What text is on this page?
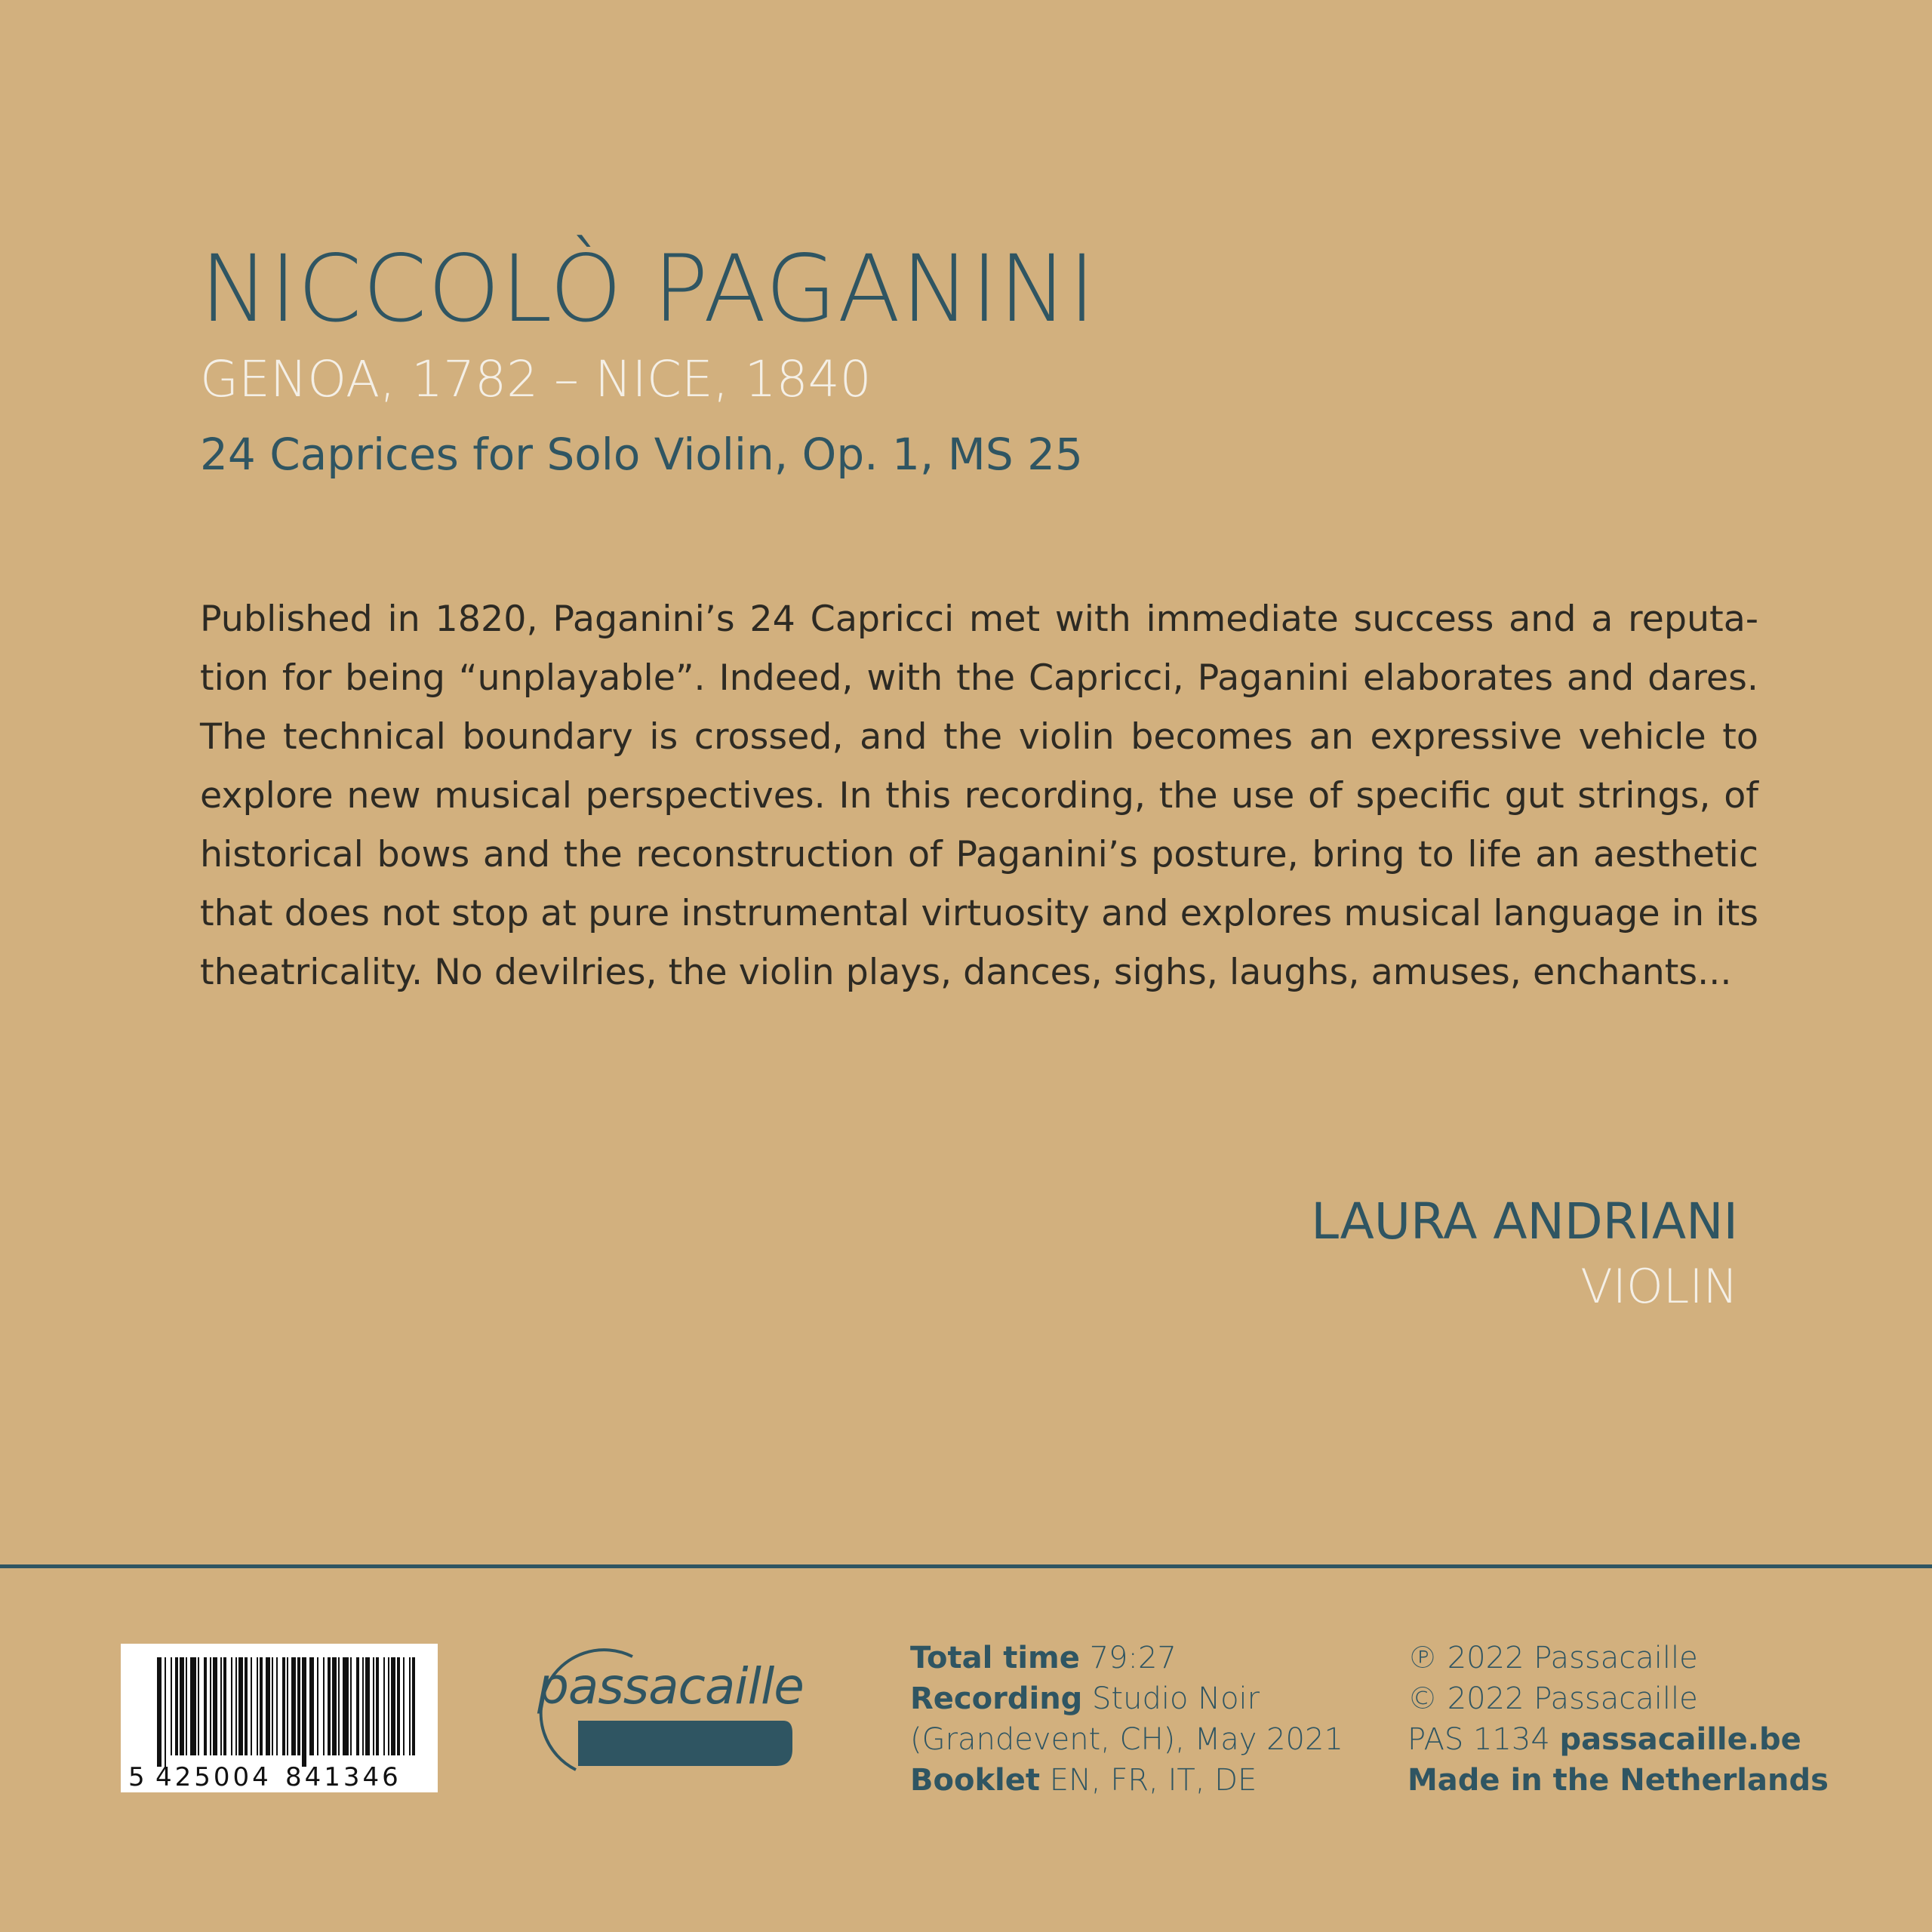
NICCOLÒ PAGANINI
GENOA, 1782 – NICE, 1840
24 Caprices for Solo Violin, Op. 1, MS 25
Published in 1820, Paganini’s 24 Capricci met with immediate success and a reputa-tion for being “unplayable”. Indeed, with the Capricci, Paganini elaborates and dares. The technical boundary is crossed, and the violin becomes an expressive vehicle to explore new musical perspectives. In this recording, the use of specific gut strings, of historical bows and the reconstruction of Paganini’s posture, bring to life an aesthetic that does not stop at pure instrumental virtuosity and explores musical language in its theatricality. No devilries, the violin plays, dances, sighs, laughs, amuses, enchants...
LAURA ANDRIANI
VIOLIN
5 425004 841346
passacaille	Total time 79:27
Recording Studio Noir
(Grandevent, CH), May 2021
Booklet EN, FR, IT, DE
℗ 2022 Passacaille
© 2022 Passacaille
PAS 1134 passacaille.be
Made in the Netherlands
